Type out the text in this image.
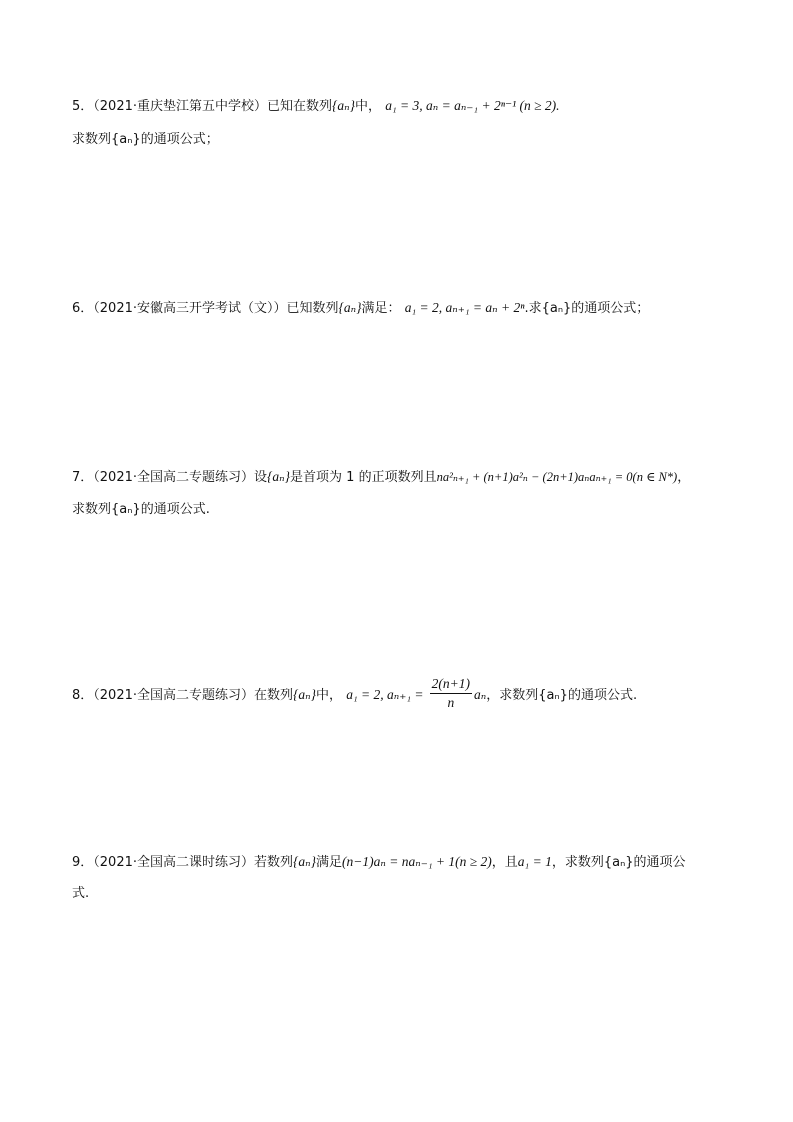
5．（2021·重庆垫江第五中学校）已知在数列{aₙ}中， a₁ = 3, aₙ = aₙ₋₁ + 2ⁿ⁻¹ (n ≥ 2).
求数列{aₙ}的通项公式；
6．（2021·安徽高三开学考试（文））已知数列{aₙ}满足： a₁ = 2, aₙ₊₁ = aₙ + 2ⁿ.求{aₙ}的通项公式；
7．（2021·全国高二专题练习）设{aₙ}是首项为 1 的正项数列且na²ₙ₊₁ + (n+1)a²ₙ − (2n+1)aₙaₙ₊₁ = 0(n ∈ N*)，
求数列{aₙ}的通项公式.
8．（2021·全国高二专题练习）在数列{aₙ}中， a₁ = 2, $a_{n+1} = \frac{2(n+1)}{n}$ aₙ，求数列{aₙ}的通项公式.
9．（2021·全国高二课时练习）若数列{aₙ}满足(n−1)aₙ = naₙ₋₁ + 1(n ≥ 2)，且a₁ = 1，求数列{aₙ}的通项公
式.
